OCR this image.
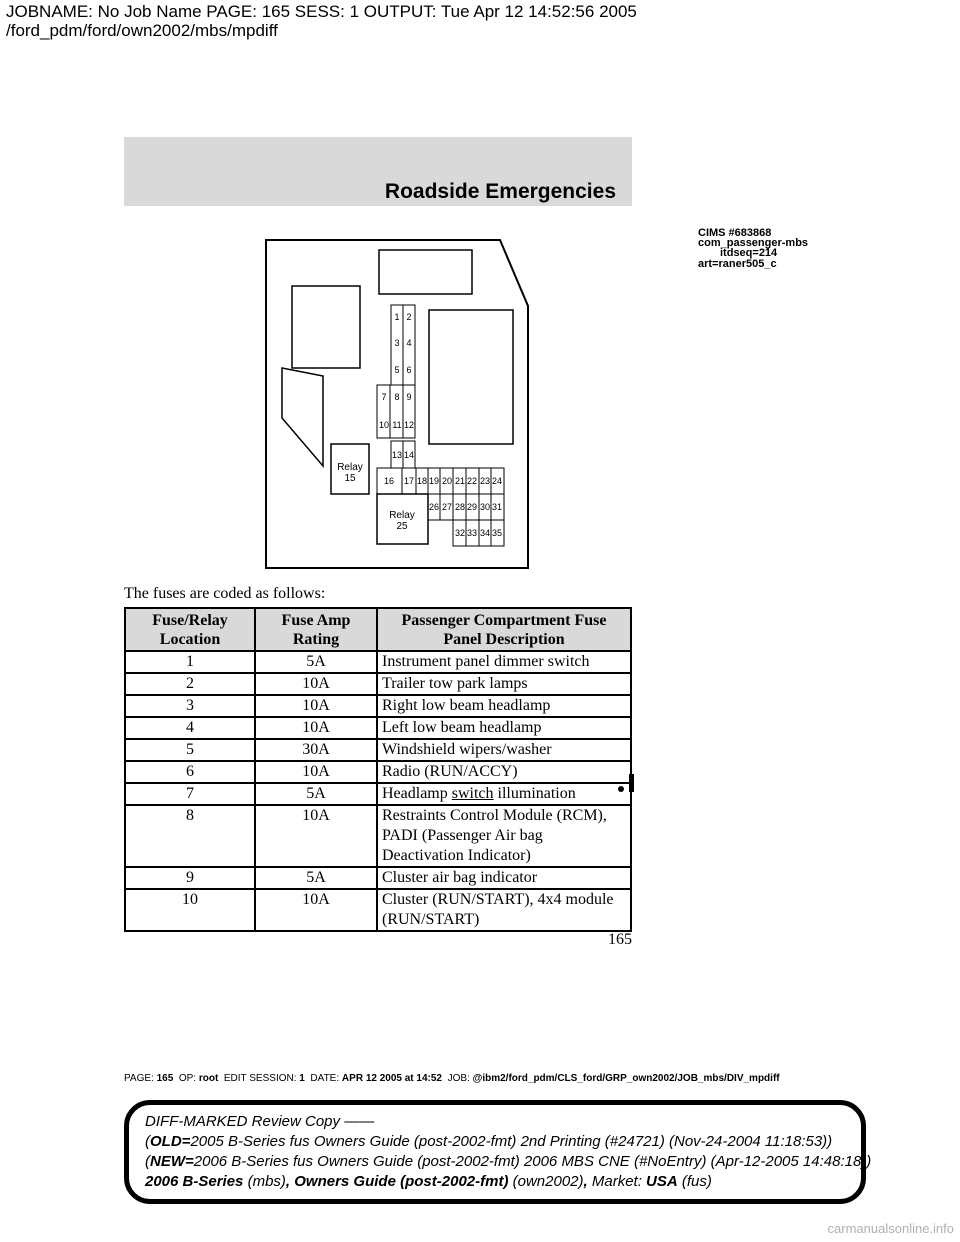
JOBNAME: No Job Name PAGE: 165 SESS: 1 OUTPUT: Tue Apr 12 14:52:56 2005
/ford_pdm/ford/own2002/mbs/mpdiff
Roadside Emergencies
CIMS #683868
com_passenger-mbs
itdseq=214
art=raner505_c
1 2
3 4
5 6
7 8 9
10 11 12
13 14
16 17 18 19 20 21 22 23 24
26 27 28 29 30 31
32 33 34 35
Relay
15
Relay
25
The fuses are coded as follows:
Fuse/Relay Location	Fuse Amp Rating	Passenger Compartment Fuse Panel Description
1	5A	Instrument panel dimmer switch
2	10A	Trailer tow park lamps
3	10A	Right low beam headlamp
4	10A	Left low beam headlamp
5	30A	Windshield wipers/washer
6	10A	Radio (RUN/ACCY)
7	5A	Headlamp switch illumination
8	10A	Restraints Control Module (RCM), PADI (Passenger Air bag Deactivation Indicator)
9	5A	Cluster air bag indicator
10	10A	Cluster (RUN/START), 4x4 module (RUN/START)
165
PAGE: 165 OP: root EDIT SESSION: 1 DATE: APR 12 2005 at 14:52 JOB: @ibm2/ford_pdm/CLS_ford/GRP_own2002/JOB_mbs/DIV_mpdiff
DIFF-MARKED Review Copy ——
(OLD=2005 B-Series fus Owners Guide (post-2002-fmt) 2nd Printing (#24721) (Nov-24-2004 11:18:53))
(NEW=2006 B-Series fus Owners Guide (post-2002-fmt) 2006 MBS CNE (#NoEntry) (Apr-12-2005 14:48:18))
2006 B-Series (mbs), Owners Guide (post-2002-fmt) (own2002), Market: USA (fus)
carmanualsonline.info
